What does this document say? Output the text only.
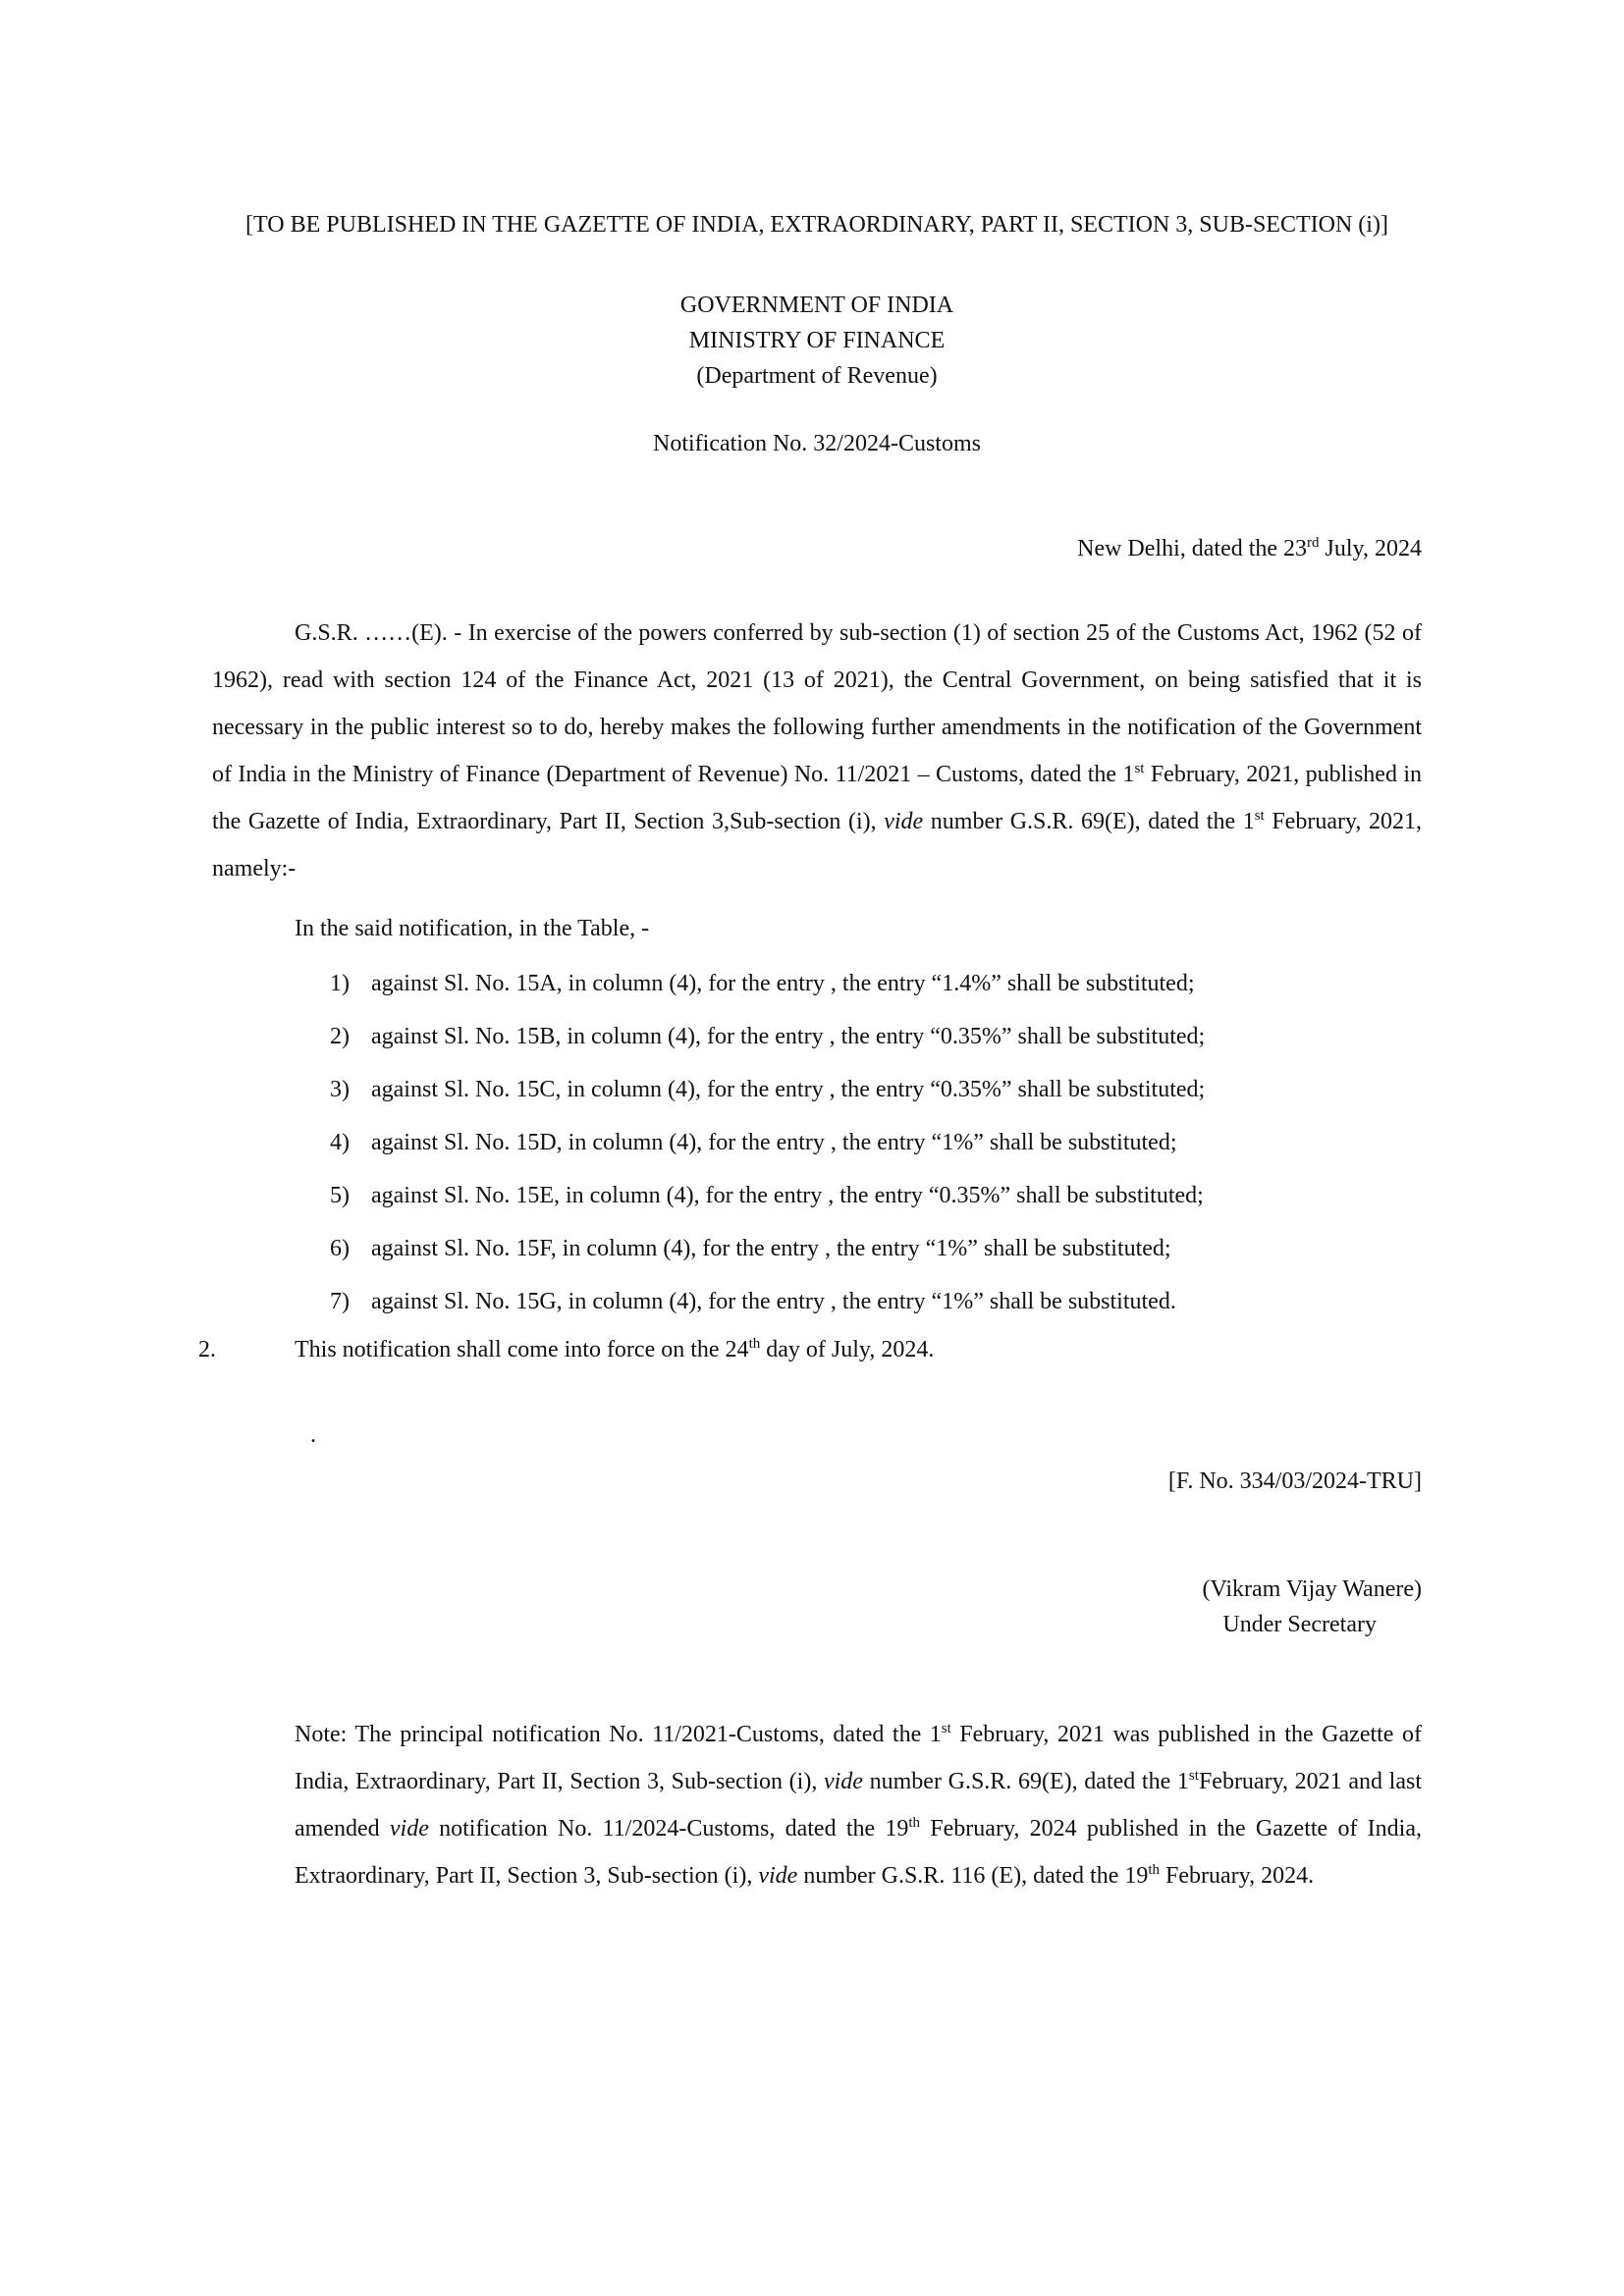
[TO BE PUBLISHED IN THE GAZETTE OF INDIA, EXTRAORDINARY, PART II, SECTION 3, SUB-SECTION (i)]

GOVERNMENT OF INDIA
MINISTRY OF FINANCE
(Department of Revenue)
Notification No. 32/2024-Customs
New Delhi, dated the 23rd July, 2024

G.S.R. ……(E). - In exercise of the powers conferred by sub-section (1) of section 25 of the Customs Act, 1962 (52 of 1962), read with section 124 of the Finance Act, 2021 (13 of 2021), the Central Government, on being satisfied that it is necessary in the public interest so to do, hereby makes the following further amendments in the notification of the Government of India in the Ministry of Finance (Department of Revenue) No. 11/2021 – Customs, dated the 1st February, 2021, published in the Gazette of India, Extraordinary, Part II, Section 3,Sub-section (i), vide number G.S.R. 69(E), dated the 1st February, 2021, namely:-

In the said notification, in the Table, -
1) against Sl. No. 15A, in column (4), for the entry , the entry “1.4%” shall be substituted;
2) against Sl. No. 15B, in column (4), for the entry , the entry “0.35%” shall be substituted;
3) against Sl. No. 15C, in column (4), for the entry , the entry “0.35%” shall be substituted;
4) against Sl. No. 15D, in column (4), for the entry , the entry “1%” shall be substituted;
5) against Sl. No. 15E, in column (4), for the entry , the entry “0.35%” shall be substituted;
6) against Sl. No. 15F, in column (4), for the entry , the entry “1%” shall be substituted;
7) against Sl. No. 15G, in column (4), for the entry , the entry “1%” shall be substituted.
2.	This notification shall come into force on the 24th day of July, 2024.
.
[F. No. 334/03/2024-TRU]
(Vikram Vijay Wanere)
Under Secretary

Note: The principal notification No. 11/2021-Customs, dated the 1st February, 2021 was published in the Gazette of India, Extraordinary, Part II, Section 3, Sub-section (i), vide number G.S.R. 69(E), dated the 1stFebruary, 2021 and last amended vide notification No. 11/2024-Customs, dated the 19th February, 2024 published in the Gazette of India, Extraordinary, Part II, Section 3, Sub-section (i), vide number G.S.R. 116 (E), dated the 19th February, 2024.
